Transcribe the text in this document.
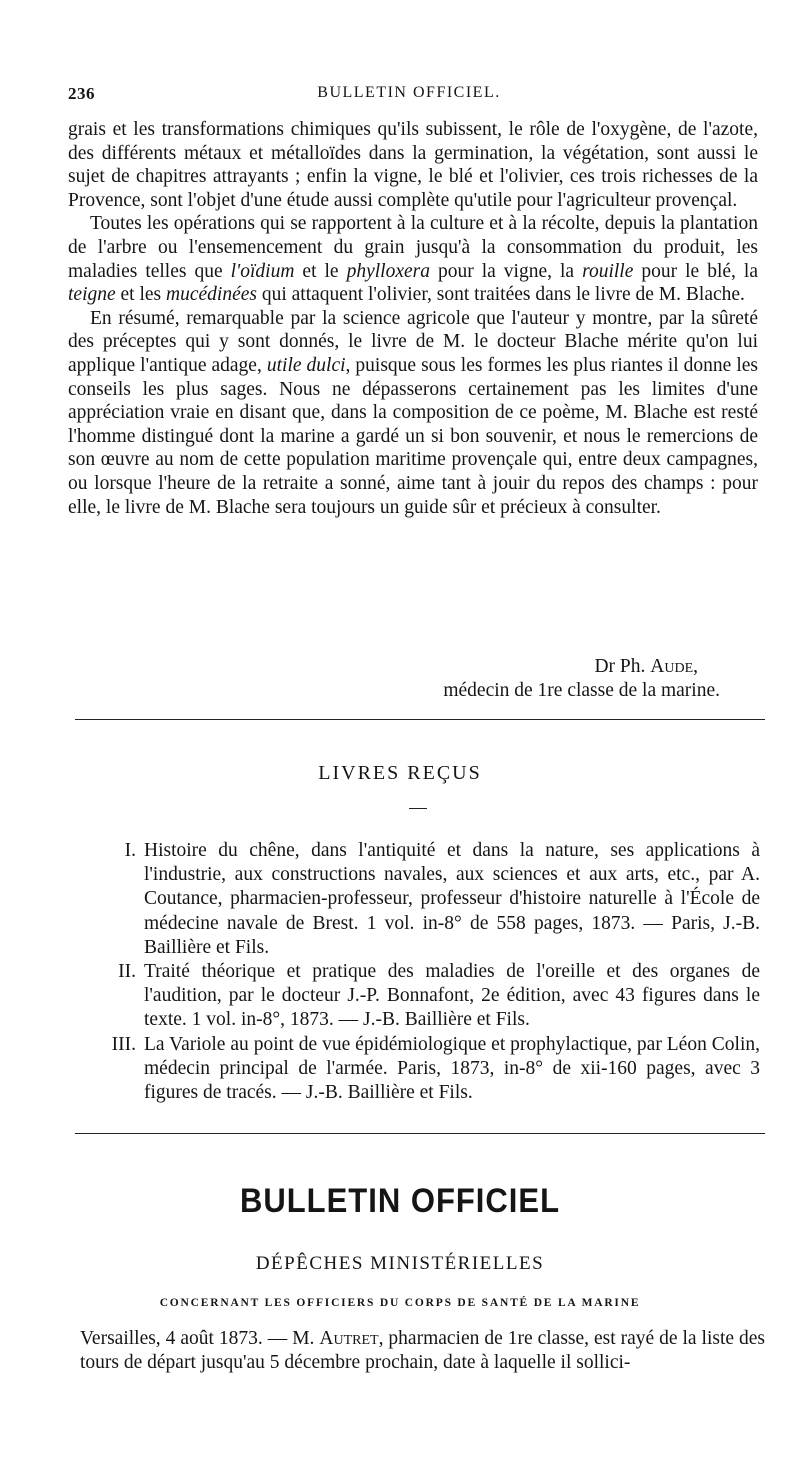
236	BULLETIN OFFICIEL.

grais et les transformations chimiques qu'ils subissent, le rôle de l'oxygène, de l'azote, des différents métaux et métalloïdes dans la germination, la végétation, sont aussi le sujet de chapitres attrayants ; enfin la vigne, le blé et l'olivier, ces trois richesses de la Provence, sont l'objet d'une étude aussi complète qu'utile pour l'agriculteur provençal.

Toutes les opérations qui se rapportent à la culture et à la récolte, depuis la plantation de l'arbre ou l'ensemencement du grain jusqu'à la consommation du produit, les maladies telles que l'oïdium et le phylloxera pour la vigne, la rouille pour le blé, la teigne et les mucédinées qui attaquent l'olivier, sont traitées dans le livre de M. Blache.

En résumé, remarquable par la science agricole que l'auteur y montre, par la sûreté des préceptes qui y sont donnés, le livre de M. le docteur Blache mérite qu'on lui applique l'antique adage, utile dulci, puisque sous les formes les plus riantes il donne les conseils les plus sages. Nous ne dépasserons certainement pas les limites d'une appréciation vraie en disant que, dans la composition de ce poème, M. Blache est resté l'homme distingué dont la marine a gardé un si bon souvenir, et nous le remercions de son œuvre au nom de cette population maritime provençale qui, entre deux campagnes, ou lorsque l'heure de la retraite a sonné, aime tant à jouir du repos des champs : pour elle, le livre de M. Blache sera toujours un guide sûr et précieux à consulter.

Dr Ph. Aude,
médecin de 1re classe de la marine.
LIVRES REÇUS
I. Histoire du chêne, dans l'antiquité et dans la nature, ses applications à l'industrie, aux constructions navales, aux sciences et aux arts, etc., par A. Coutance, pharmacien-professeur, professeur d'histoire naturelle à l'École de médecine navale de Brest. 1 vol. in-8° de 558 pages, 1873. — Paris, J.-B. Baillière et Fils.
II. Traité théorique et pratique des maladies de l'oreille et des organes de l'audition, par le docteur J.-P. Bonnafont, 2e édition, avec 43 figures dans le texte. 1 vol. in-8°, 1873. — J.-B. Baillière et Fils.
III. La Variole au point de vue épidémiologique et prophylactique, par Léon Colin, médecin principal de l'armée. Paris, 1873, in-8° de xii-160 pages, avec 3 figures de tracés. — J.-B. Baillière et Fils.
BULLETIN OFFICIEL
DÉPÊCHES MINISTÉRIELLES
CONCERNANT LES OFFICIERS DU CORPS DE SANTÉ DE LA MARINE

Versailles, 4 août 1873. — M. Autret, pharmacien de 1re classe, est rayé de la liste des tours de départ jusqu'au 5 décembre prochain, date à laquelle il sollici-
